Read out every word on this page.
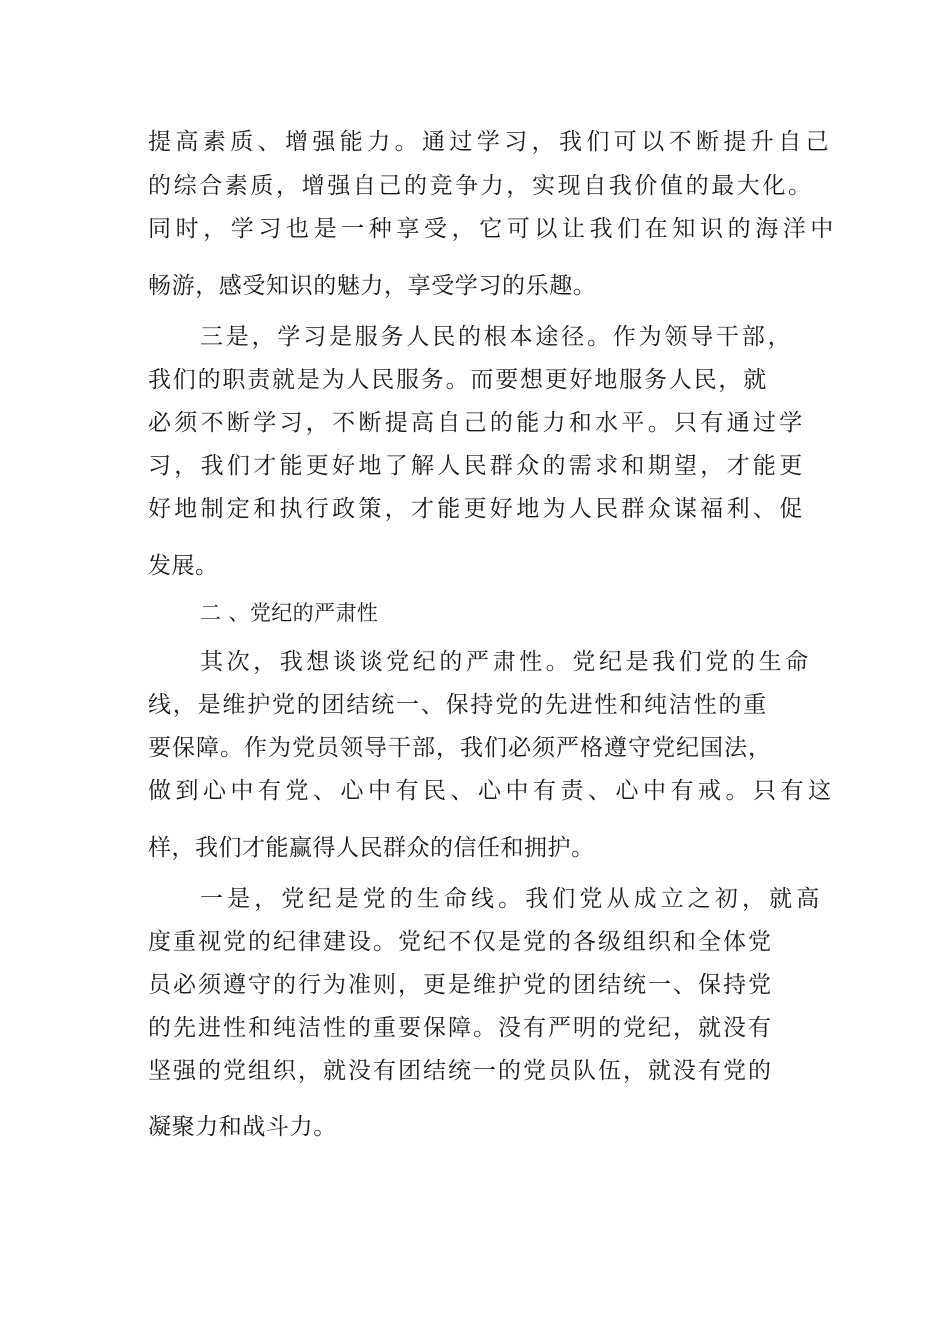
提高素质、增强能力。通过学习，我们可以不断提升自己

的综合素质，增强自己的竞争力，实现自我价值的最大化。

同时，学习也是一种享受，它可以让我们在知识的海洋中

畅游，感受知识的魅力，享受学习的乐趣。

三是，学习是服务人民的根本途径。作为领导干部，

我们的职责就是为人民服务。而要想更好地服务人民，就

必须不断学习，不断提高自己的能力和水平。只有通过学

习，我们才能更好地了解人民群众的需求和期望，才能更

好地制定和执行政策，才能更好地为人民群众谋福利、促

发展。

二 、党纪的严肃性

其次，我想谈谈党纪的严肃性。党纪是我们党的生命

线，是维护党的团结统一、保持党的先进性和纯洁性的重

要保障。作为党员领导干部，我们必须严格遵守党纪国法，

做到心中有党、心中有民、心中有责、心中有戒。只有这

样，我们才能赢得人民群众的信任和拥护。

一是，党纪是党的生命线。我们党从成立之初，就高

度重视党的纪律建设。党纪不仅是党的各级组织和全体党

员必须遵守的行为准则，更是维护党的团结统一、保持党

的先进性和纯洁性的重要保障。没有严明的党纪，就没有

坚强的党组织，就没有团结统一的党员队伍，就没有党的

凝聚力和战斗力。
